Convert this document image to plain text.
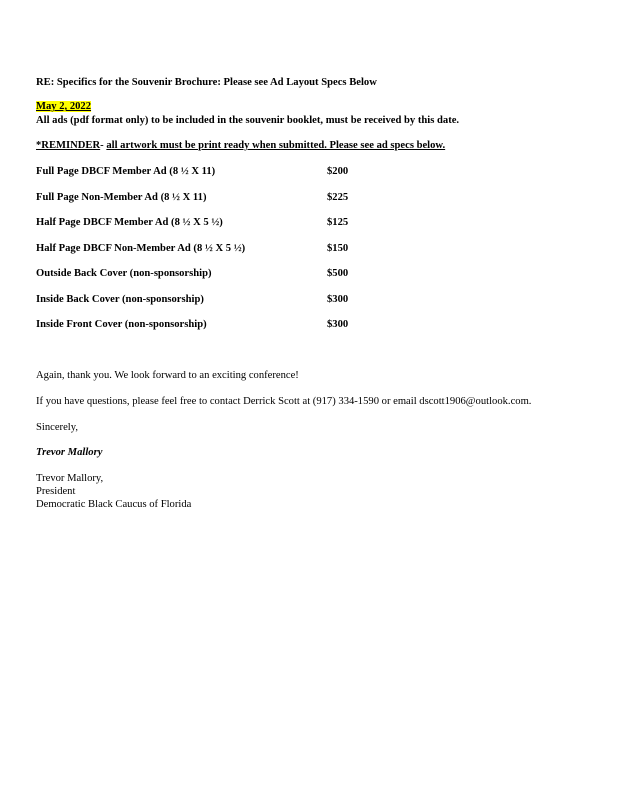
RE: Specifics for the Souvenir Brochure: Please see Ad Layout Specs Below
May 2, 2022
All ads (pdf format only) to be included in the souvenir booklet, must be received by this date.
*REMINDER- all artwork must be print ready when submitted. Please see ad specs below.
Full Page DBCF Member Ad (8 ½ X 11)	$200
Full Page Non-Member Ad (8 ½ X 11)	$225
Half Page DBCF Member Ad (8 ½ X 5 ½)	$125
Half Page DBCF Non-Member Ad (8 ½ X 5 ½)	$150
Outside Back Cover (non-sponsorship)	$500
Inside Back Cover (non-sponsorship)	$300
Inside Front Cover (non-sponsorship)	$300
Again, thank you. We look forward to an exciting conference!
If you have questions, please feel free to contact Derrick Scott at (917) 334-1590 or email dscott1906@outlook.com.
Sincerely,
Trevor Mallory
Trevor Mallory,
President
Democratic Black Caucus of Florida
